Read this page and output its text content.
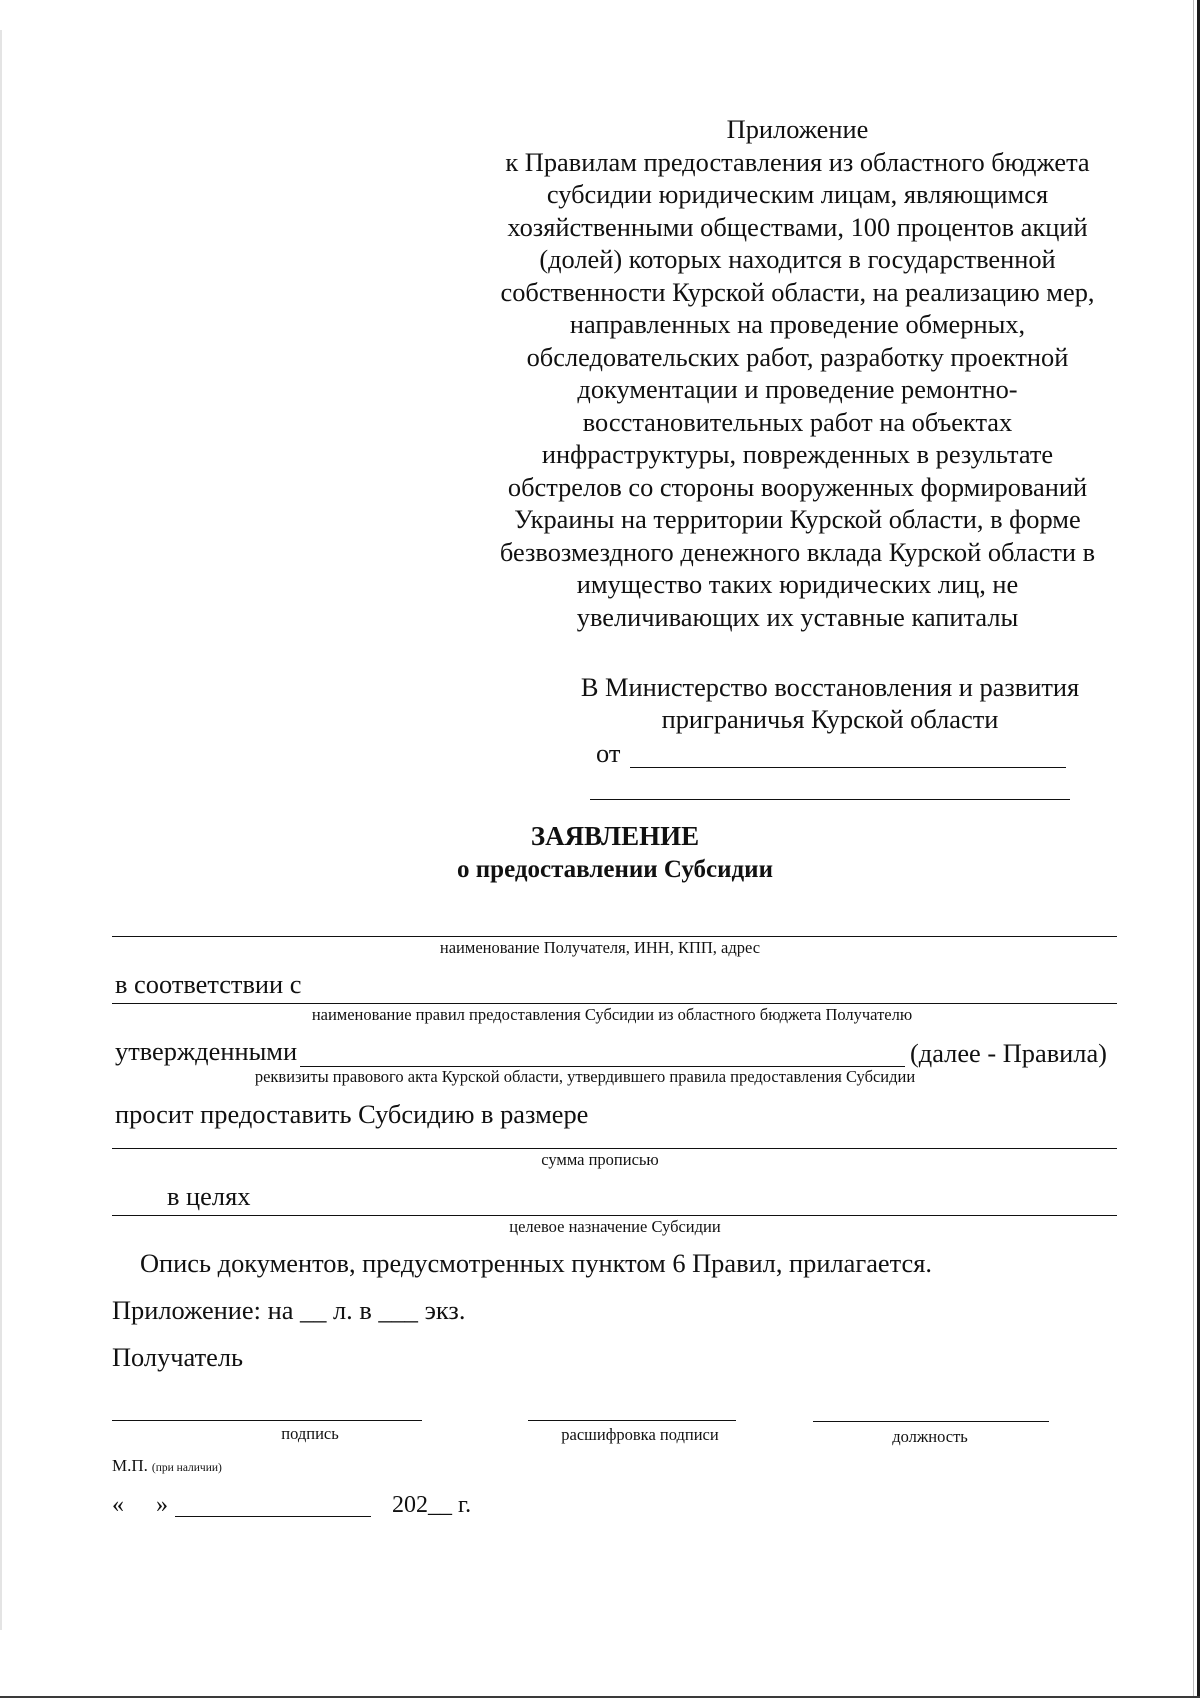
Приложение
к Правилам предоставления из областного бюджета
субсидии юридическим лицам, являющимся
хозяйственными обществами, 100 процентов акций
(долей) которых находится в государственной
собственности Курской области, на реализацию мер,
направленных на проведение обмерных,
обследовательских работ, разработку проектной
документации и проведение ремонтно-
восстановительных работ на объектах
инфраструктуры, поврежденных в результате
обстрелов со стороны вооруженных формирований
Украины на территории Курской области, в форме
безвозмездного денежного вклада Курской области в
имущество таких юридических лиц, не
увеличивающих их уставные капиталы
В Министерство восстановления и развития
приграничья Курской области
от
ЗАЯВЛЕНИЕ
о предоставлении Субсидии
наименование Получателя, ИНН, КПП, адрес
в соответствии с
наименование правил предоставления Субсидии из областного бюджета Получателю
утвержденными	(далее - Правила)
реквизиты правового акта Курской области, утвердившего правила предоставления Субсидии
просит предоставить Субсидию в размере
сумма прописью
в целях
целевое назначение Субсидии
Опись документов, предусмотренных пунктом 6 Правил, прилагается.
Приложение: на __ л. в ___ экз.
Получатель
подпись	расшифровка подписи	должность
М.П. (при наличии)
« »	202__ г.
